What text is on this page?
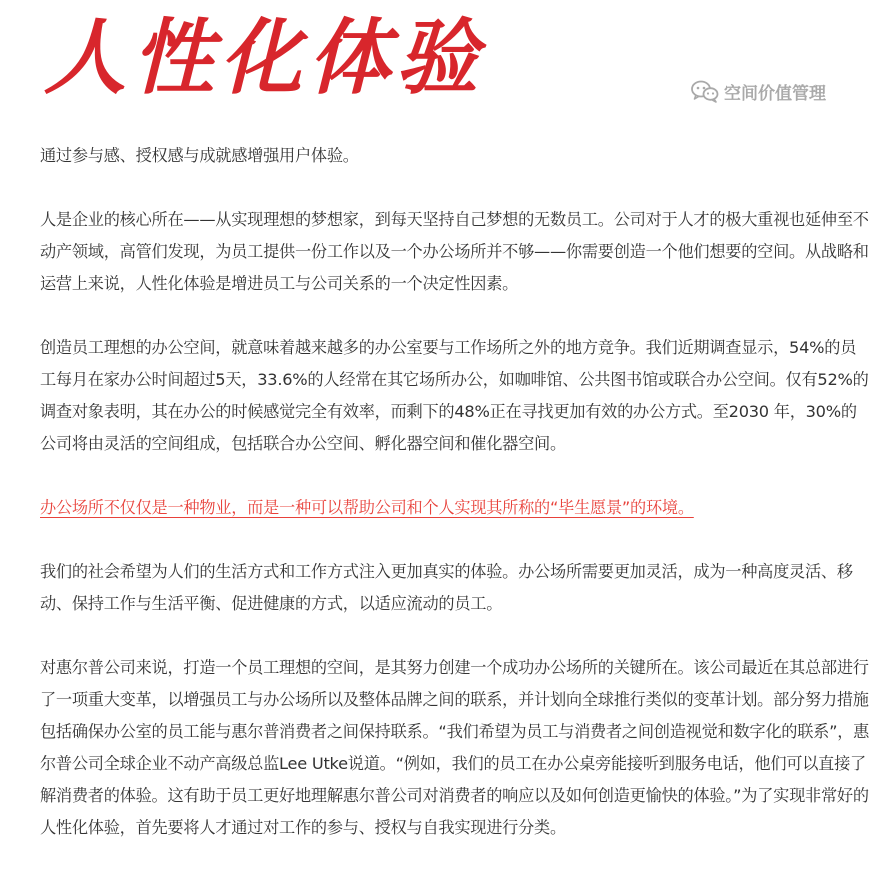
人性化体验	空间价值管理

通过参与感、授权感与成就感增强用户体验。

人是企业的核心所在——从实现理想的梦想家，到每天坚持自己梦想的无数员工。公司对于人才的极大重视也延伸至不动产领域，高管们发现，为员工提供一份工作以及一个办公场所并不够——你需要创造一个他们想要的空间。从战略和运营上来说，人性化体验是增进员工与公司关系的一个决定性因素。

创造员工理想的办公空间，就意味着越来越多的办公室要与工作场所之外的地方竞争。我们近期调查显示，54%的员工每月在家办公时间超过5天，33.6%的人经常在其它场所办公，如咖啡馆、公共图书馆或联合办公空间。仅有52%的调查对象表明，其在办公的时候感觉完全有效率，而剩下的48%正在寻找更加有效的办公方式。至2030 年，30%的公司将由灵活的空间组成，包括联合办公空间、孵化器空间和催化器空间。

办公场所不仅仅是一种物业，而是一种可以帮助公司和个人实现其所称的“毕生愿景”的环境。

我们的社会希望为人们的生活方式和工作方式注入更加真实的体验。办公场所需要更加灵活，成为一种高度灵活、移动、保持工作与生活平衡、促进健康的方式，以适应流动的员工。

对惠尔普公司来说，打造一个员工理想的空间，是其努力创建一个成功办公场所的关键所在。该公司最近在其总部进行了一项重大变革，以增强员工与办公场所以及整体品牌之间的联系，并计划向全球推行类似的变革计划。部分努力措施包括确保办公室的员工能与惠尔普消费者之间保持联系。“我们希望为员工与消费者之间创造视觉和数字化的联系”，惠尔普公司全球企业不动产高级总监Lee Utke说道。“例如，我们的员工在办公桌旁能接听到服务电话，他们可以直接了解消费者的体验。这有助于员工更好地理解惠尔普公司对消费者的响应以及如何创造更愉快的体验。”为了实现非常好的人性化体验，首先要将人才通过对工作的参与、授权与自我实现进行分类。
